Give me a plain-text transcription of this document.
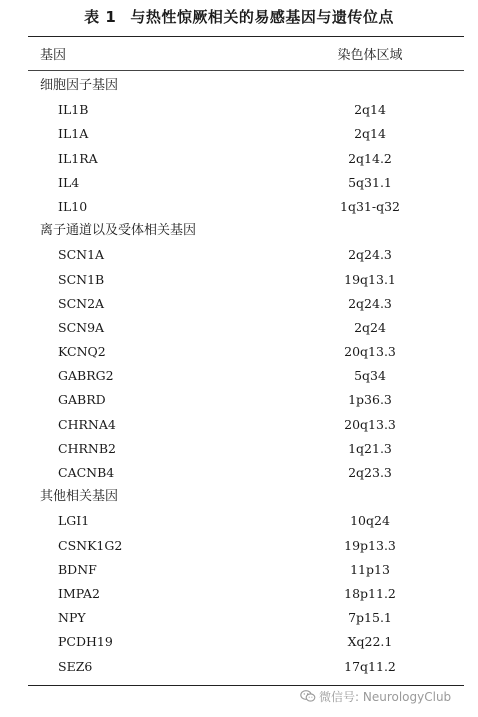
表 1 与热性惊厥相关的易感基因与遗传位点
基因	染色体区域
细胞因子基因
IL1B	2q14
IL1A	2q14
IL1RA	2q14.2
IL4	5q31.1
IL10	1q31-q32
离子通道以及受体相关基因
SCN1A	2q24.3
SCN1B	19q13.1
SCN2A	2q24.3
SCN9A	2q24
KCNQ2	20q13.3
GABRG2	5q34
GABRD	1p36.3
CHRNA4	20q13.3
CHRNB2	1q21.3
CACNB4	2q23.3
其他相关基因
LGI1	10q24
CSNK1G2	19p13.3
BDNF	11p13
IMPA2	18p11.2
NPY	7p15.1
PCDH19	Xq22.1
SEZ6	17q11.2
微信号: NeurologyClub
